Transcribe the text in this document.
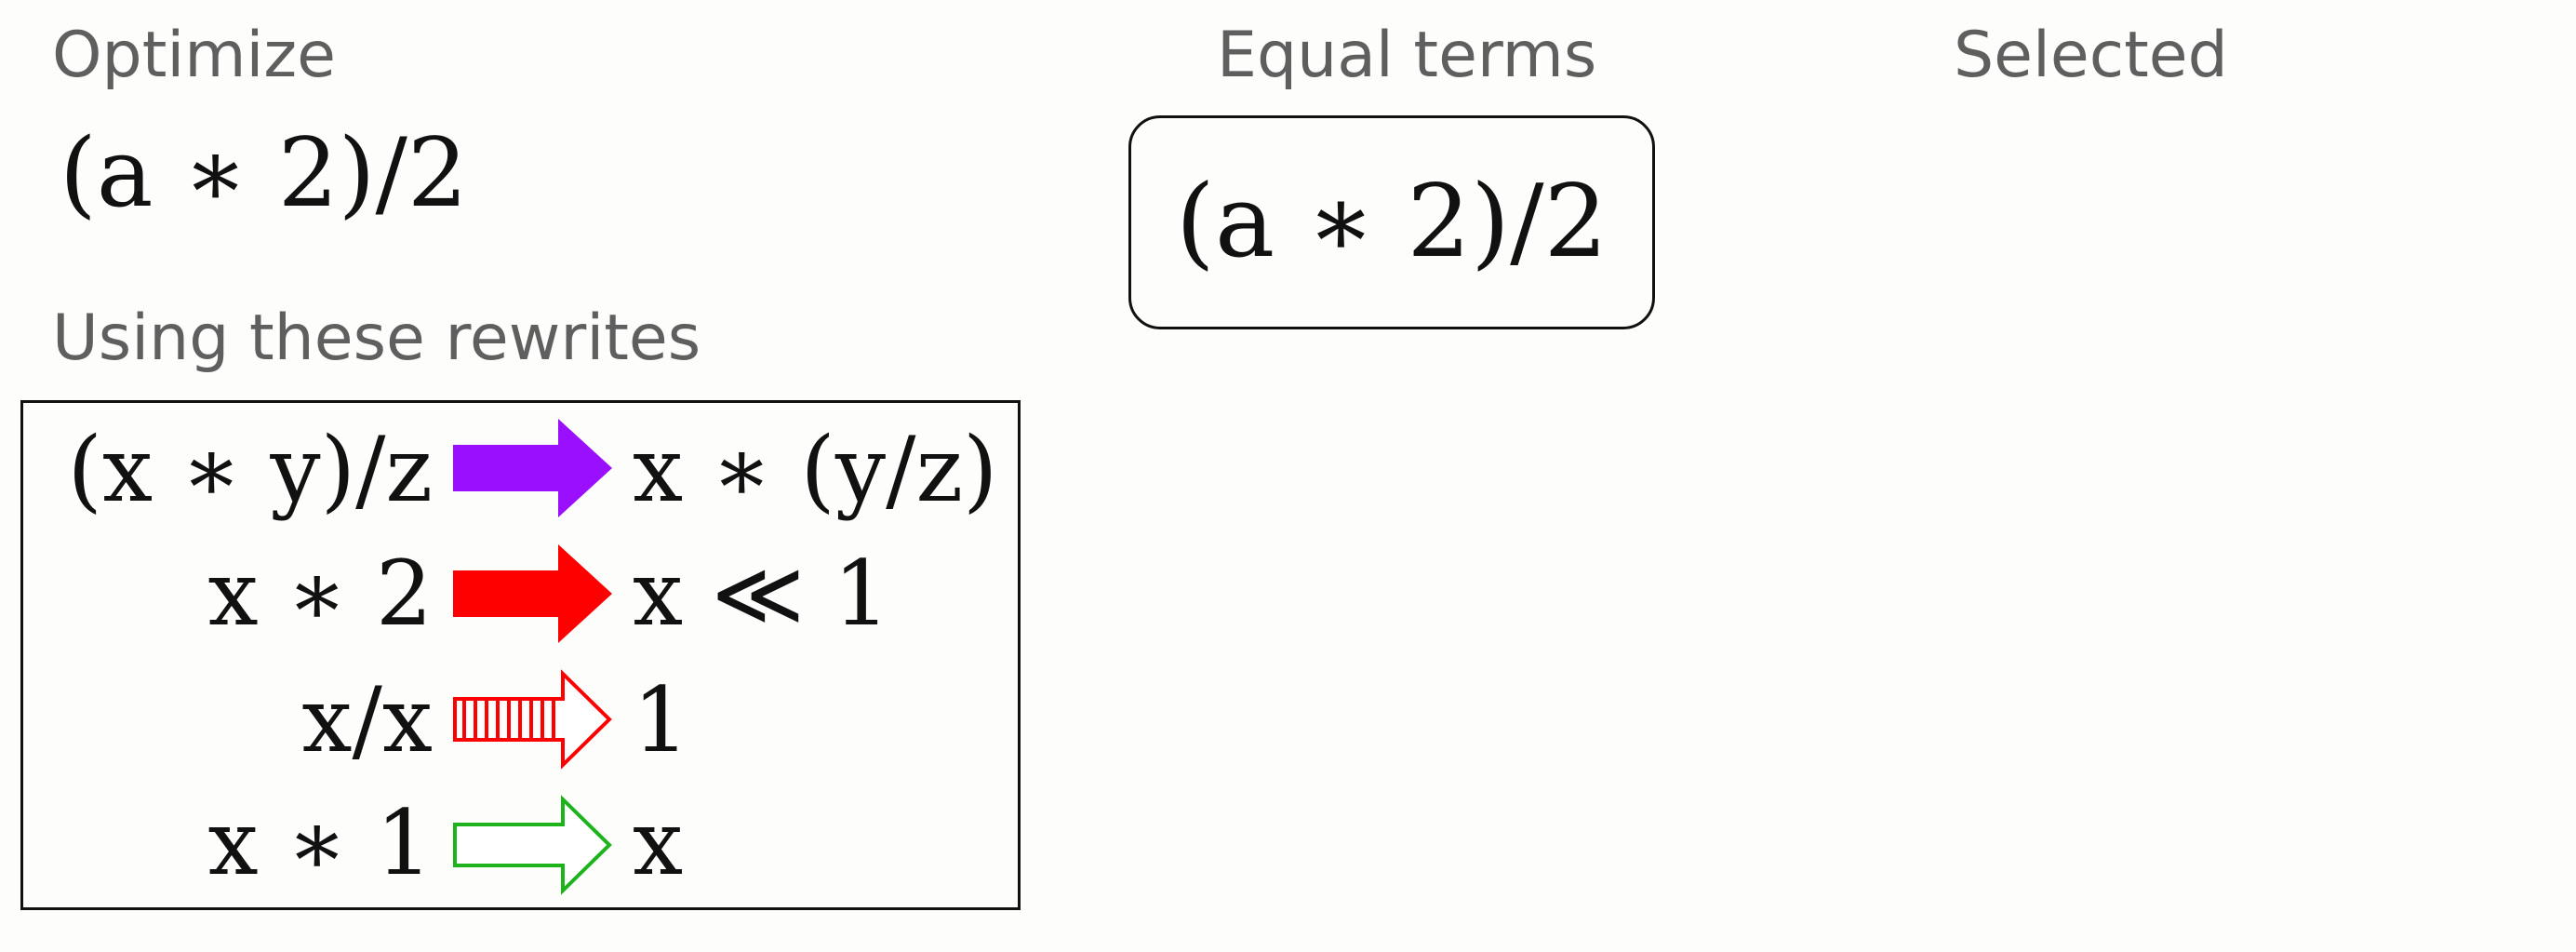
Optimize
(a ∗ 2)/2
Using these rewrites
Equal terms	Selected
(a ∗ 2)/2
(x ∗ y)/z
x ∗ 2
x/x
x ∗ 1
x ∗ (y/z)
x ≪ 1
1
x
